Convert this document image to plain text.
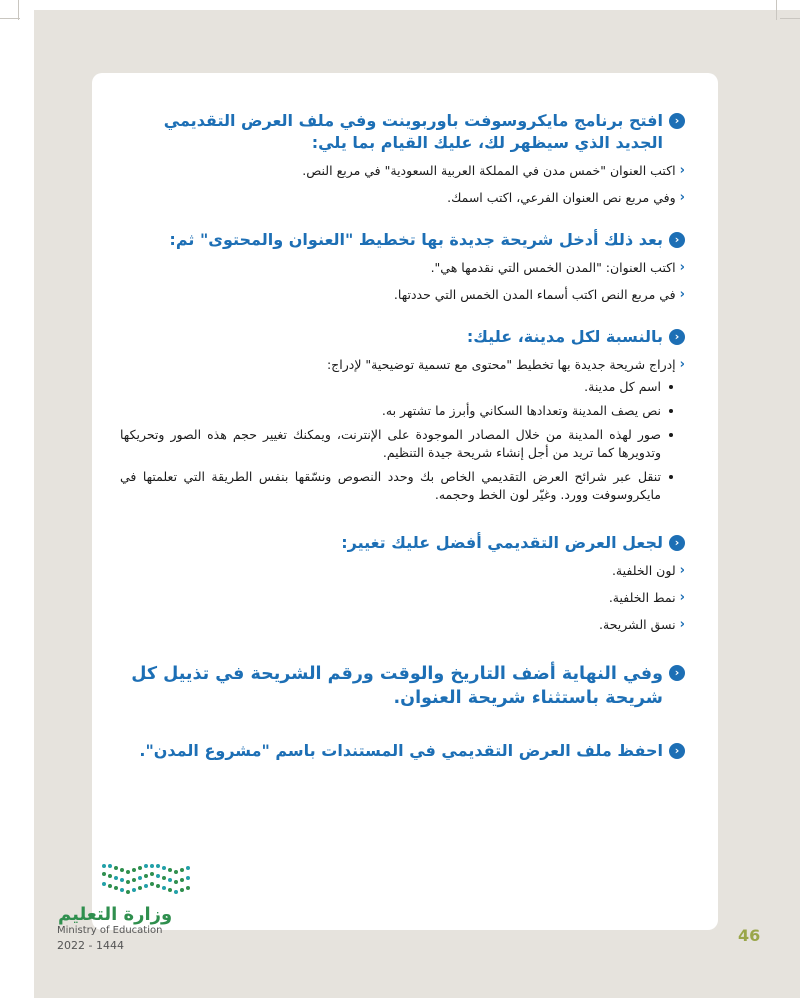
‹
افتح برنامج مايكروسوفت باوربوينت وفي ملف العرض التقديمي الجديد الذي سيظهر لك، عليك القيام بما يلي:
‹
اكتب العنوان "خمس مدن في المملكة العربية السعودية" في مربع النص.
‹
وفي مربع نص العنوان الفرعي، اكتب اسمك.
‹
بعد ذلك أدخل شريحة جديدة بها تخطيط "العنوان والمحتوى" ثم:
‹
اكتب العنوان: "المدن الخمس التي نقدمها هي".
‹
في مربع النص اكتب أسماء المدن الخمس التي حددتها.
‹
بالنسبة لكل مدينة، عليك:
‹
إدراج شريحة جديدة بها تخطيط "محتوى مع تسمية توضيحية" لإدراج:
اسم كل مدينة.
نص يصف المدينة وتعدادها السكاني وأبرز ما تشتهر به.
صور لهذه المدينة من خلال المصادر الموجودة على الإنترنت، ويمكنك تغيير حجم هذه الصور وتحريكها وتدويرها كما تريد من أجل إنشاء شريحة جيدة التنظيم.
تنقل عبر شرائح العرض التقديمي الخاص بك وحدد النصوص ونسّقها بنفس الطريقة التي تعلمتها في مايكروسوفت وورد. وغيّر لون الخط وحجمه.
‹
لجعل العرض التقديمي أفضل عليك تغيير:
‹
لون الخلفية.
‹
نمط الخلفية.
‹
نسق الشريحة.
‹
وفي النهاية أضف التاريخ والوقت ورقم الشريحة في تذييل كل شريحة باستثناء شريحة العنوان.
‹
احفظ ملف العرض التقديمي في المستندات باسم "مشروع المدن".
وزارة التعليم
Ministry of Education
2022 - 1444
46
